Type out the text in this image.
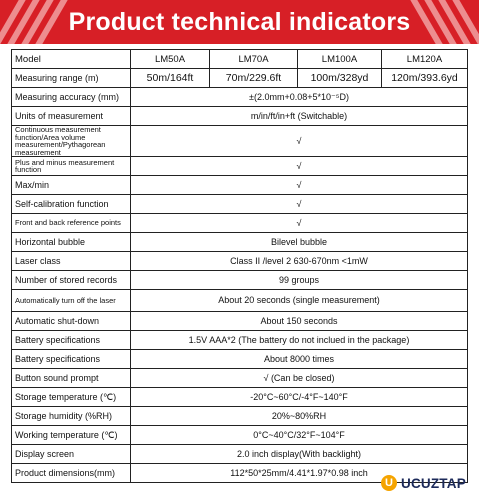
Product technical indicators
Model	LM50A	LM70A	LM100A	LM120A
Measuring range (m)	50m/164ft	70m/229.6ft	100m/328yd	120m/393.6yd
Measuring accuracy (mm)	±(2.0mm+0.08+5*10⁻⁵D)			
Units of measurement	m/in/ft/in+ft (Switchable)			
Continuous measurement function/Area volume measurement/Pythagorean measurement	√			
Plus and minus measurement function	√			
Max/min	√			
Self-calibration function	√			
Front and back reference points	√			
Horizontal bubble	Bilevel bubble			
Laser class	Class II /level 2 630-670nm <1mW			
Number of stored records	99 groups			
Automatically turn off the laser	About 20 seconds (single measurement)			
Automatic shut-down	About 150 seconds			
Battery specifications	1.5V AAA*2 (The battery do not inclued in the package)			
Battery specifications	About 8000 times			
Button sound prompt	√ (Can be closed)			
Storage temperature (℃)	-20°C~60°C/-4°F~140°F			
Storage humidity (%RH)	20%~80%RH			
Working temperature (℃)	0°C~40°C/32°F~104°F			
Display screen	2.0 inch display(With backlight)			
Product dimensions(mm)	112*50*25mm/4.41*1.97*0.98 inch			
U UCUZTAP
